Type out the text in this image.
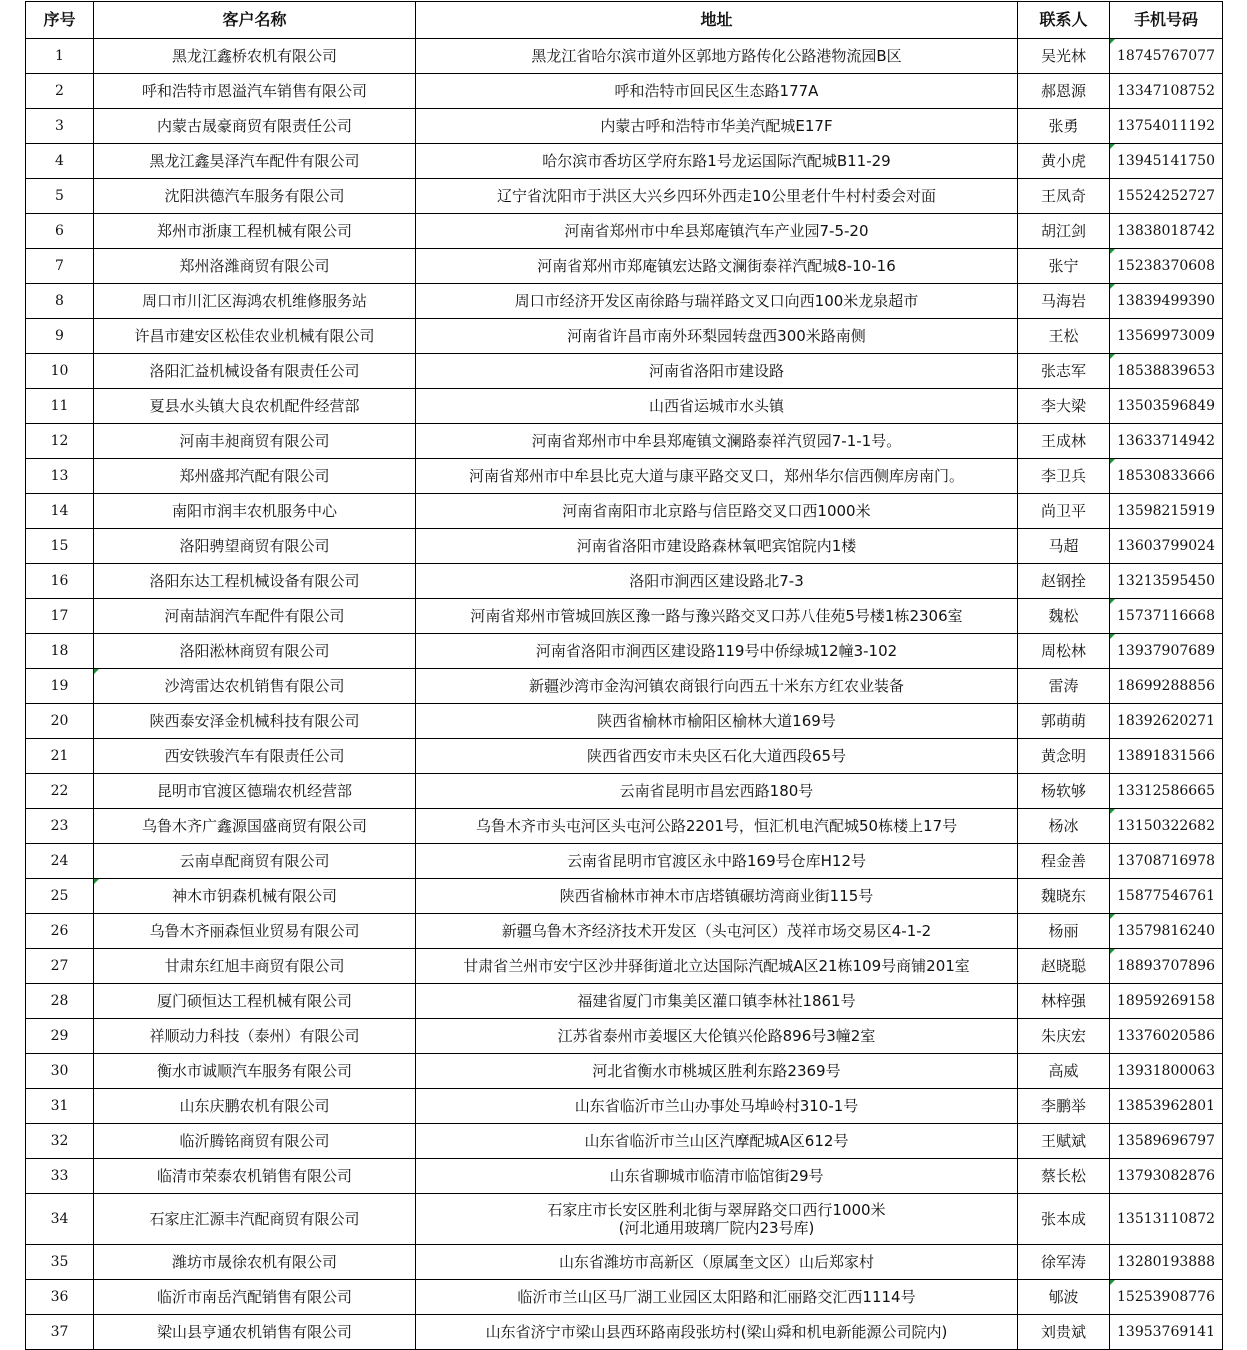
序号	客户名称	地址	联系人	手机号码
1	黑龙江鑫桥农机有限公司	黑龙江省哈尔滨市道外区郭地方路传化公路港物流园B区	吴光林	18745767077
2	呼和浩特市恩溢汽车销售有限公司	呼和浩特市回民区生态路177A	郝恩源	13347108752
3	内蒙古晟豪商贸有限责任公司	内蒙古呼和浩特市华美汽配城E17F	张勇	13754011192
4	黑龙江鑫昊泽汽车配件有限公司	哈尔滨市香坊区学府东路1号龙运国际汽配城B11-29	黄小虎	13945141750
5	沈阳洪德汽车服务有限公司	辽宁省沈阳市于洪区大兴乡四环外西走10公里老什牛村村委会对面	王凤奇	15524252727
6	郑州市浙康工程机械有限公司	河南省郑州市中牟县郑庵镇汽车产业园7-5-20	胡江剑	13838018742
7	郑州洛潍商贸有限公司	河南省郑州市郑庵镇宏达路文澜街泰祥汽配城8-10-16	张宁	15238370608
8	周口市川汇区海鸿农机维修服务站	周口市经济开发区南徐路与瑞祥路文叉口向西100米龙泉超市	马海岩	13839499390
9	许昌市建安区松佳农业机械有限公司	河南省许昌市南外环梨园转盘西300米路南侧	王松	13569973009
10	洛阳汇益机械设备有限责任公司	河南省洛阳市建设路	张志军	18538839653
11	夏县水头镇大良农机配件经营部	山西省运城市水头镇	李大梁	13503596849
12	河南丰昶商贸有限公司	河南省郑州市中牟县郑庵镇文澜路泰祥汽贸园7-1-1号。	王成林	13633714942
13	郑州盛邦汽配有限公司	河南省郑州市中牟县比克大道与康平路交叉口，郑州华尔信西侧库房南门。	李卫兵	18530833666
14	南阳市润丰农机服务中心	河南省南阳市北京路与信臣路交叉口西1000米	尚卫平	13598215919
15	洛阳骋望商贸有限公司	河南省洛阳市建设路森林氧吧宾馆院内1楼	马超	13603799024
16	洛阳东达工程机械设备有限公司	洛阳市涧西区建设路北7-3	赵钢拴	13213595450
17	河南喆润汽车配件有限公司	河南省郑州市管城回族区豫一路与豫兴路交叉口苏八佳苑5号楼1栋2306室	魏松	15737116668
18	洛阳淞林商贸有限公司	河南省洛阳市涧西区建设路119号中侨绿城12幢3-102	周松林	13937907689
19	沙湾雷达农机销售有限公司	新疆沙湾市金沟河镇农商银行向西五十米东方红农业装备	雷涛	18699288856
20	陕西泰安泽金机械科技有限公司	陕西省榆林市榆阳区榆林大道169号	郭萌萌	18392620271
21	西安铁骏汽车有限责任公司	陕西省西安市未央区石化大道西段65号	黄念明	13891831566
22	昆明市官渡区德瑞农机经营部	云南省昆明市昌宏西路180号	杨软够	13312586665
23	乌鲁木齐广鑫源国盛商贸有限公司	乌鲁木齐市头屯河区头屯河公路2201号，恒汇机电汽配城50栋楼上17号	杨冰	13150322682
24	云南卓配商贸有限公司	云南省昆明市官渡区永中路169号仓库H12号	程金善	13708716978
25	神木市钥森机械有限公司	陕西省榆林市神木市店塔镇碾坊湾商业街115号	魏晓东	15877546761
26	乌鲁木齐丽森恒业贸易有限公司	新疆乌鲁木齐经济技术开发区（头屯河区）茂祥市场交易区4-1-2	杨丽	13579816240
27	甘肃东红旭丰商贸有限公司	甘肃省兰州市安宁区沙井驿街道北立达国际汽配城A区21栋109号商铺201室	赵晓聪	18893707896
28	厦门硕恒达工程机械有限公司	福建省厦门市集美区灌口镇李林社1861号	林梓强	18959269158
29	祥顺动力科技（泰州）有限公司	江苏省泰州市姜堰区大伦镇兴伦路896号3幢2室	朱庆宏	13376020586
30	衡水市诚顺汽车服务有限公司	河北省衡水市桃城区胜利东路2369号	高威	13931800063
31	山东庆鹏农机有限公司	山东省临沂市兰山办事处马埠岭村310-1号	李鹏举	13853962801
32	临沂腾铭商贸有限公司	山东省临沂市兰山区汽摩配城A区612号	王赋斌	13589696797
33	临清市荣泰农机销售有限公司	山东省聊城市临清市临馆街29号	蔡长松	13793082876
34	石家庄汇源丰汽配商贸有限公司	石家庄市长安区胜利北街与翠屏路交口西行1000米
(河北通用玻璃厂院内23号库)	张本成	13513110872
35	潍坊市晟徐农机有限公司	山东省潍坊市高新区（原属奎文区）山后郑家村	徐军涛	13280193888
36	临沂市南岳汽配销售有限公司	临沂市兰山区马厂湖工业园区太阳路和汇丽路交汇西1114号	郇波	15253908776
37	梁山县亨通农机销售有限公司	山东省济宁市梁山县西环路南段张坊村(梁山舜和机电新能源公司院内)	刘贵斌	13953769141
